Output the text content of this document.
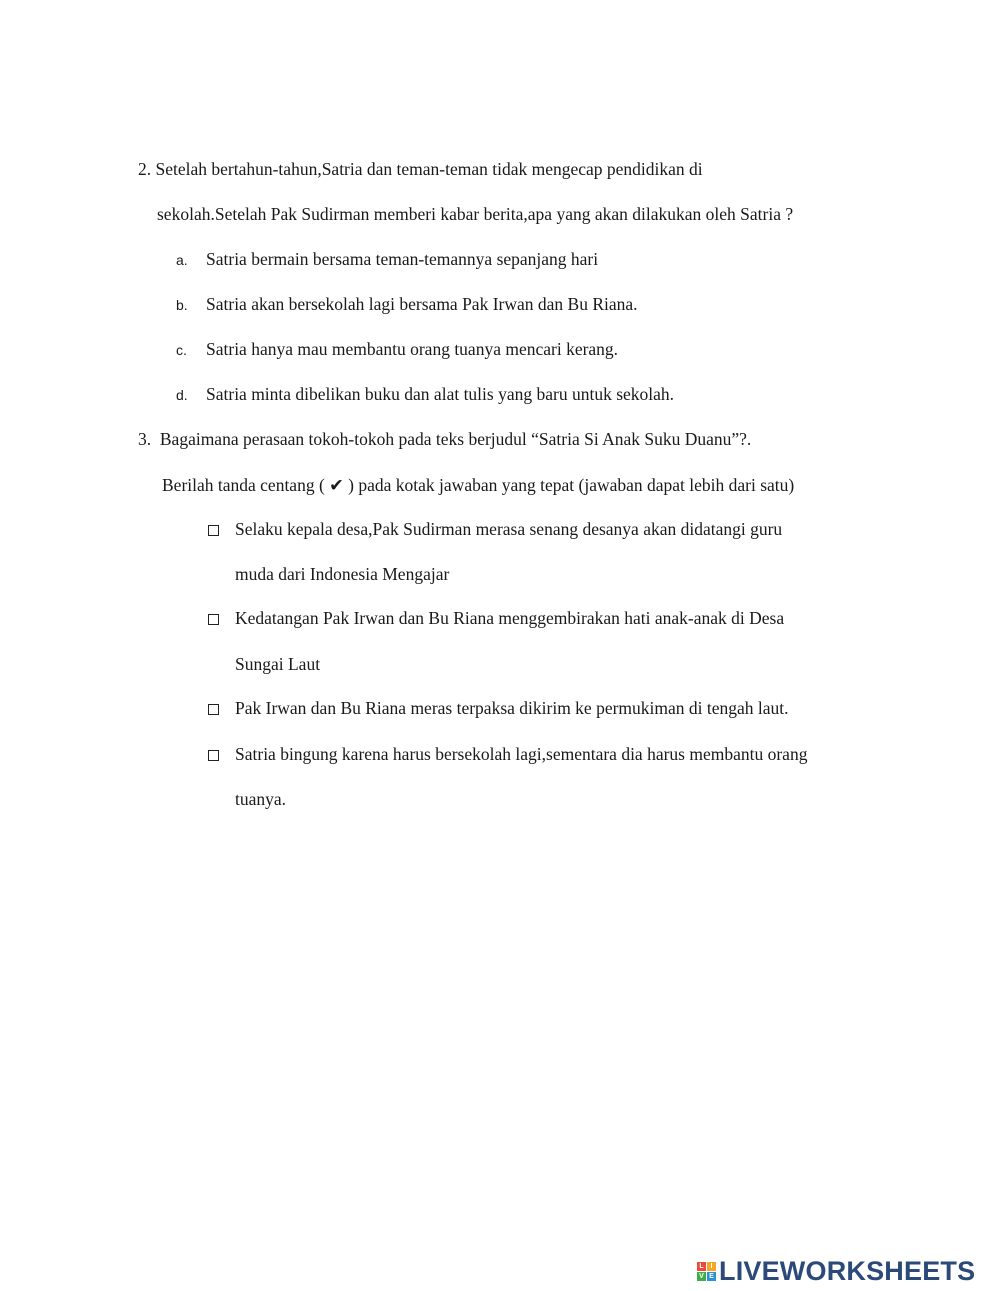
2. Setelah bertahun-tahun,Satria dan teman-teman tidak mengecap pendidikan di
sekolah.Setelah Pak Sudirman memberi kabar berita,apa yang akan dilakukan oleh Satria ?
a. Satria bermain bersama teman-temannya sepanjang hari
b. Satria akan bersekolah lagi bersama Pak Irwan dan Bu Riana.
c. Satria hanya mau membantu orang tuanya mencari kerang.
d. Satria minta dibelikan buku dan alat tulis yang baru untuk sekolah.
3. Bagaimana perasaan tokoh-tokoh pada teks berjudul “Satria Si Anak Suku Duanu”?.
Berilah tanda centang ( ✔︎ ) pada kotak jawaban yang tepat (jawaban dapat lebih dari satu)
Selaku kepala desa,Pak Sudirman merasa senang desanya akan didatangi guru
muda dari Indonesia Mengajar
Kedatangan Pak Irwan dan Bu Riana menggembirakan hati anak-anak di Desa
Sungai Laut
Pak Irwan dan Bu Riana meras terpaksa dikirim ke permukiman di tengah laut.
Satria bingung karena harus bersekolah lagi,sementara dia harus membantu orang
tuanya.
L I
V E LIVEWORKSHEETS
